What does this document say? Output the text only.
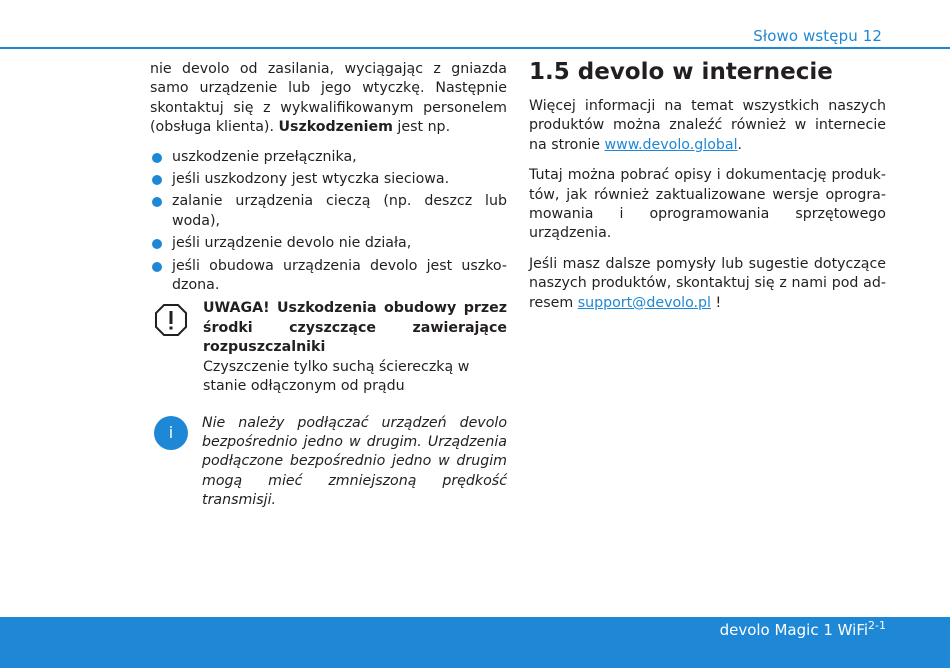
Słowo wstępu 12

nie devolo od zasilania, wyciągając z gniazda samo urządzenie lub jego wtyczkę. Następnie skontaktuj się z wykwalifikowanym personelem (obsługa klienta). Uszkodzeniem jest np.

uszkodzenie przełącznika,
jeśli uszkodzony jest wtyczka sieciowa.
zalanie urządzenia cieczą (np. deszcz lub woda),
jeśli urządzenie devolo nie działa,
jeśli obudowa urządzenia devolo jest uszko-dzona.
UWAGA! Uszkodzenia obudowy przez środki czyszczące zawierające rozpuszczalniki
Czyszczenie tylko suchą ściereczką w stanie odłączonym od prądu
i	Nie należy podłączać urządzeń devolo bezpośrednio jedno w drugim. Urządzenia podłączone bezpośrednio jedno w drugim mogą mieć zmniejszoną prędkość transmisji.
1.5 devolo w internecie

Więcej informacji na temat wszystkich naszych produktów można znaleźć również w internecie na stronie www.devolo.global.

Tutaj można pobrać opisy i dokumentację produk-tów, jak również zaktualizowane wersje oprogra-mowania i oprogramowania sprzętowego urządzenia.

Jeśli masz dalsze pomysły lub sugestie dotyczące naszych produktów, skontaktuj się z nami pod ad-resem support@devolo.pl !

devolo Magic 1 WiFi$^{2-1}$
